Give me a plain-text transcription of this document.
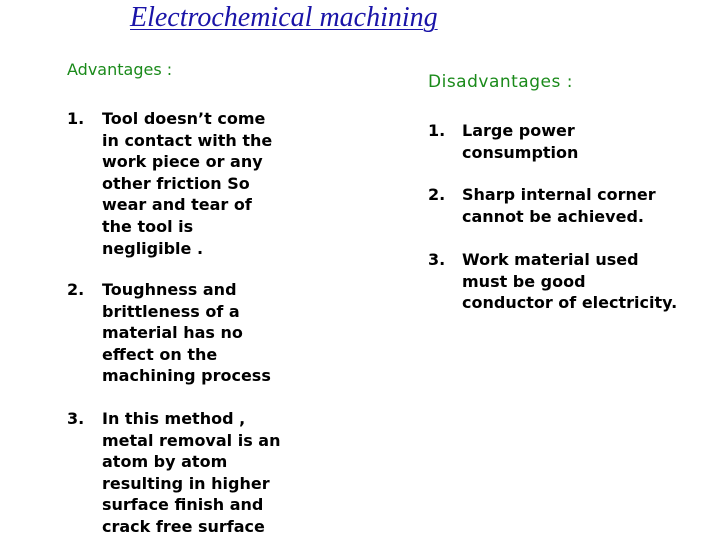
Electrochemical machining
Advantages :
1. Tool doesn’t come
in contact with the
work piece or any
other friction So
wear and tear of
the tool is
negligible .
2. Toughness and
brittleness of a
material has no
effect on the
machining process
3. In this method ,
metal removal is an
atom by atom
resulting in higher
surface finish and
crack free surface
Disadvantages :
1. Large power
consumption
2. Sharp internal corner
cannot be achieved.
3. Work material used
must be good
conductor of electricity.
